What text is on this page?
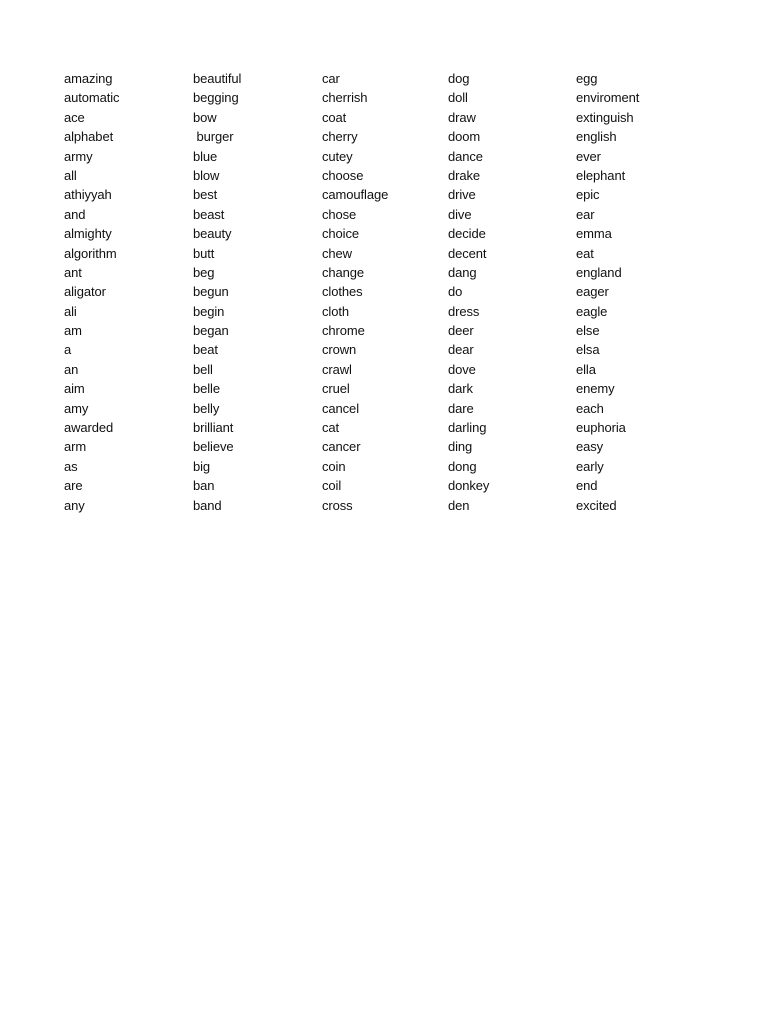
amazing
automatic
ace
alphabet
army
all
athiyyah
and
almighty
algorithm
ant
aligator
ali
am
a
an
aim
amy
awarded
arm
as
are
any
beautiful
begging
bow
burger
blue
blow
best
beast
beauty
butt
beg
begun
begin
began
beat
bell
belle
belly
brilliant
believe
big
ban
band
car
cherrish
coat
cherry
cutey
choose
camouflage
chose
choice
chew
change
clothes
cloth
chrome
crown
crawl
cruel
cancel
cat
cancer
coin
coil
cross
dog
doll
draw
doom
dance
drake
drive
dive
decide
decent
dang
do
dress
deer
dear
dove
dark
dare
darling
ding
dong
donkey
den
egg
enviroment
extinguish
english
ever
elephant
epic
ear
emma
eat
england
eager
eagle
else
elsa
ella
enemy
each
euphoria
easy
early
end
excited
